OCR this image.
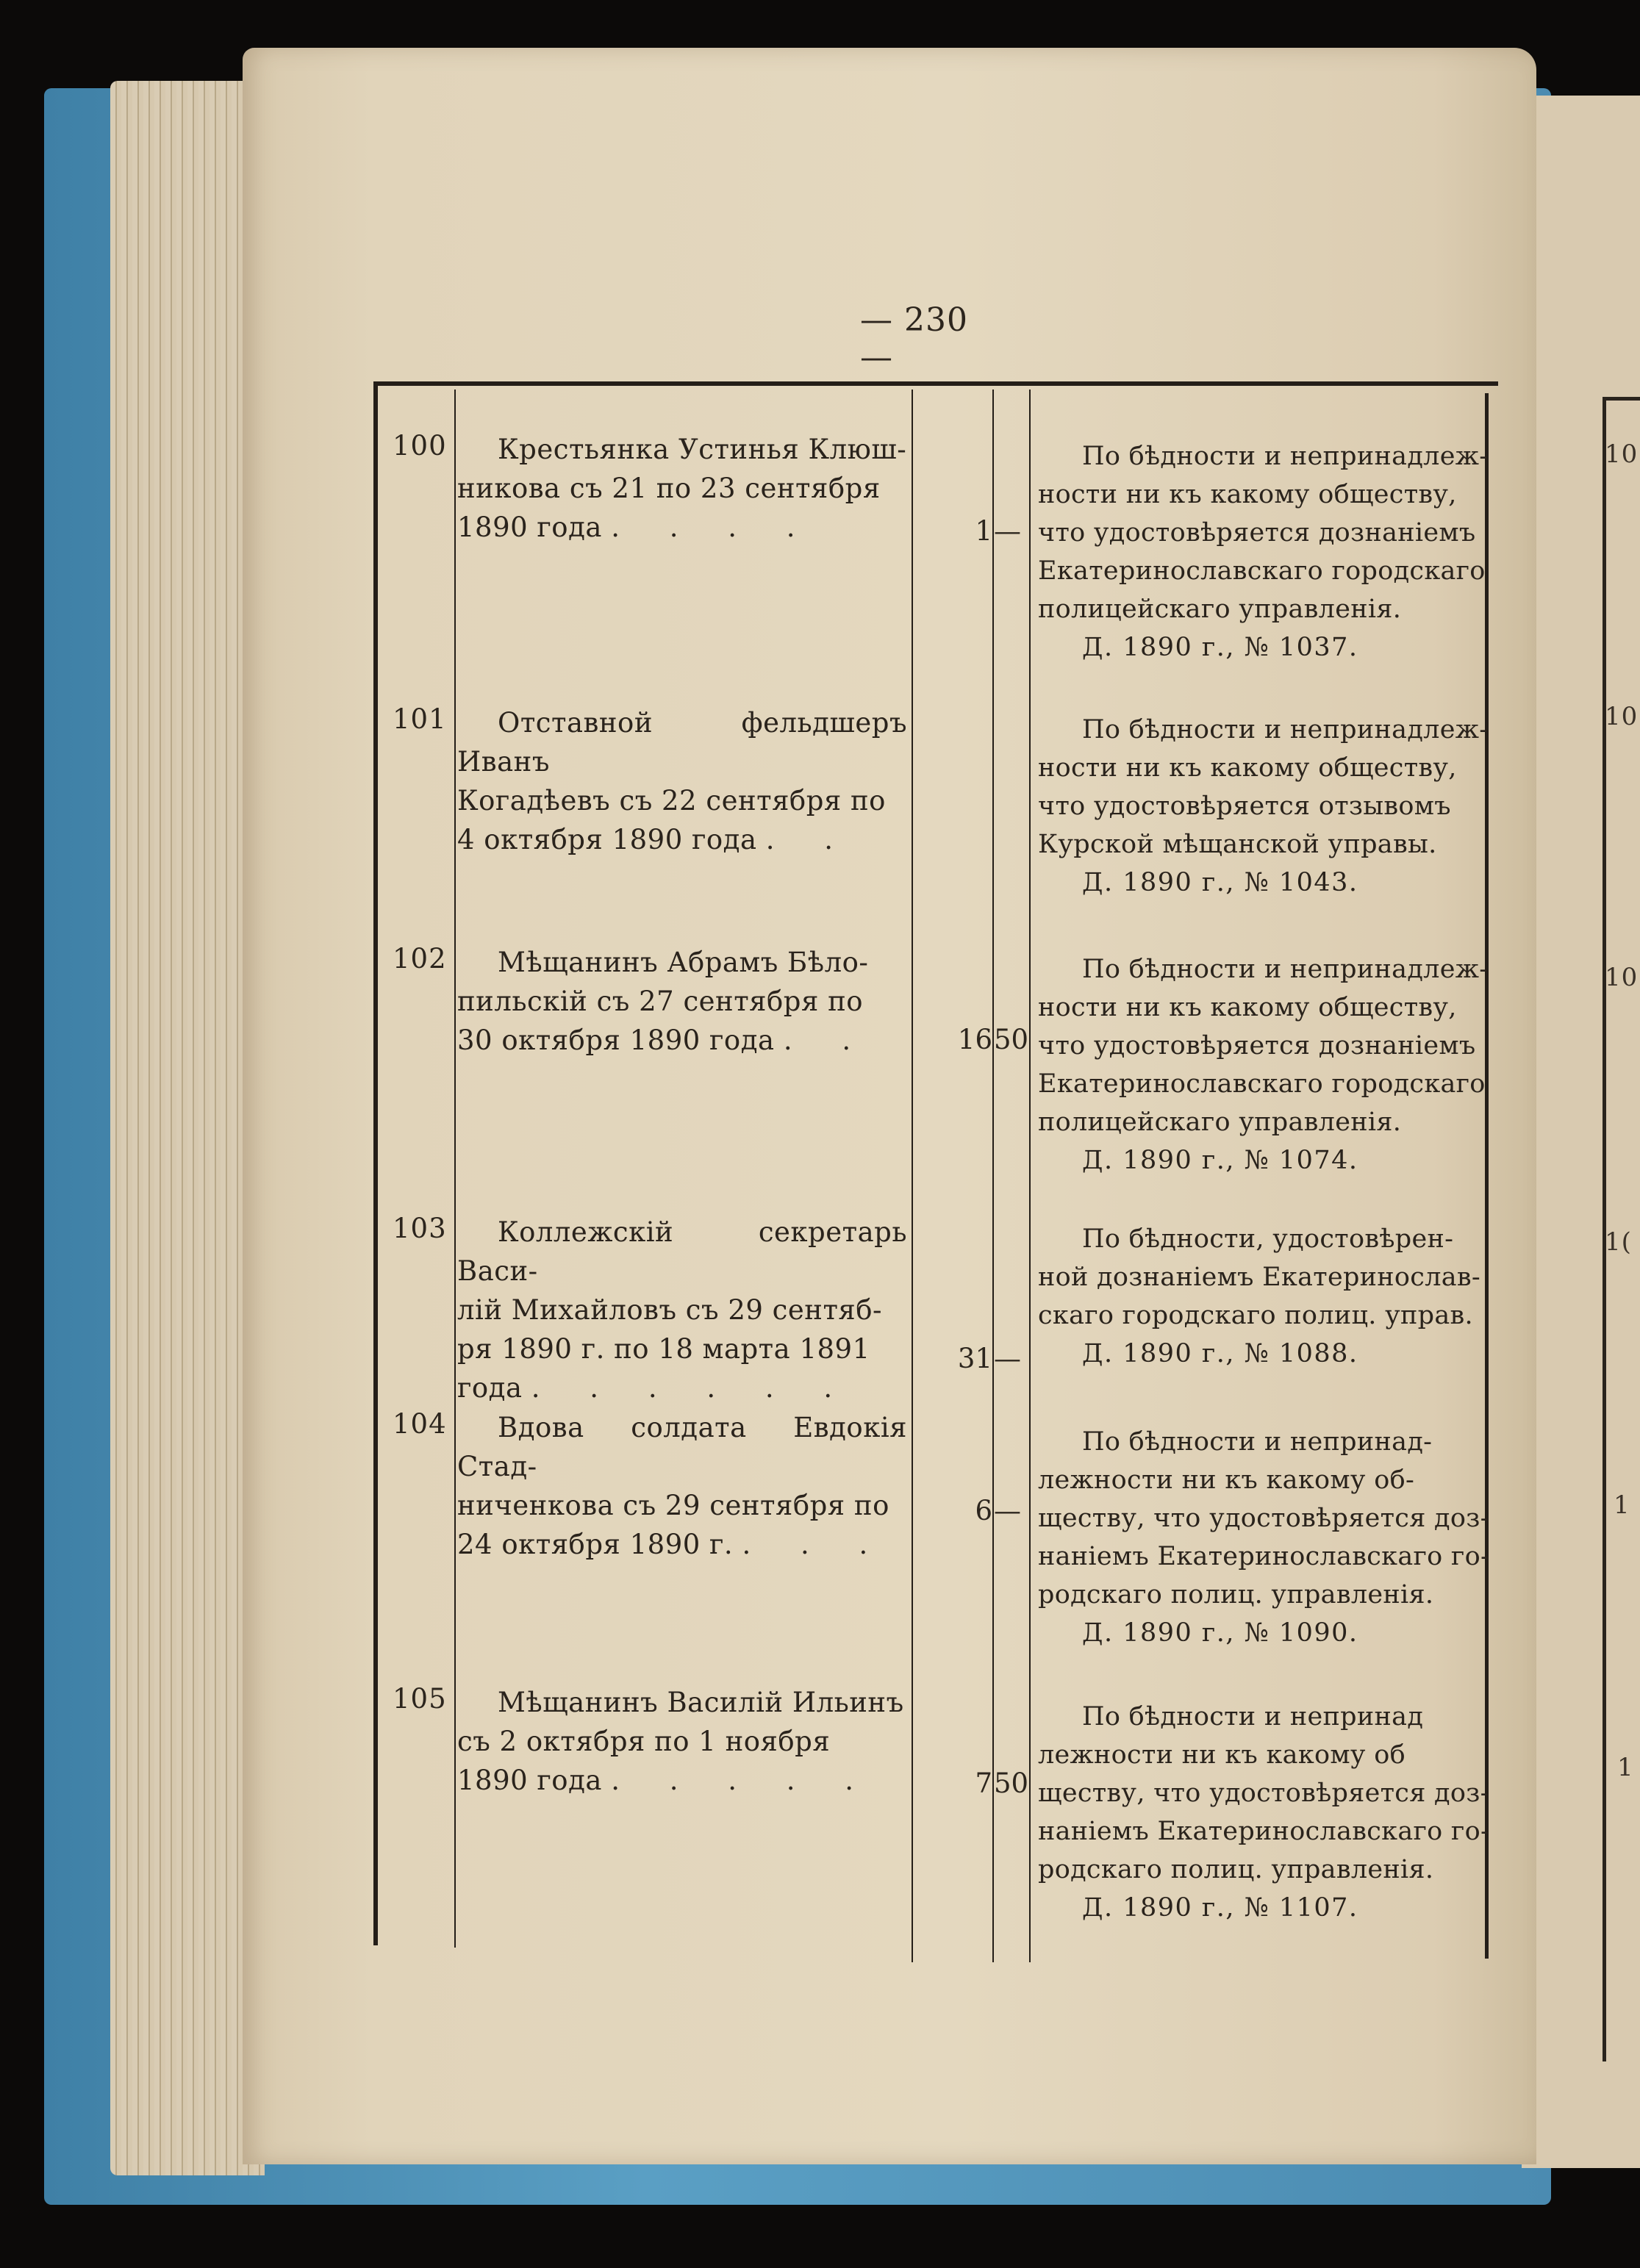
10
10
10
1(
1
1
— 230 —
100	Крестьянка Устинья Клюш-
никова съ 21 по 23 сентября
1890 года . . . .	1 —

По бѣдности и непринадлеж-

ности ни къ какому обществу,

что удостовѣряется дознаніемъ

Екатеринославскаго городскаго

полицейскаго управленія.

Д. 1890 г., № 1037.

101	Отставной фельдшеръ Иванъ
Когадѣевъ съ 22 сентября по
4 октября 1890 года . .

По бѣдности и непринадлеж-

ности ни къ какому обществу,

что удостовѣряется отзывомъ

Курской мѣщанской управы.

Д. 1890 г., № 1043.

102	Мѣщанинъ Абрамъ Бѣло-
пильскій съ 27 сентября по
30 октября 1890 года . .	16 50

По бѣдности и непринадлеж-

ности ни къ какому обществу,

что удостовѣряется дознаніемъ

Екатеринославскаго городскаго

полицейскаго управленія.

Д. 1890 г., № 1074.

103	Коллежскій секретарь Васи-
лій Михайловъ съ 29 сентяб-
ря 1890 г. по 18 марта 1891
года . . . . . .
31 —

По бѣдности, удостовѣрен-

ной дознаніемъ Екатеринослав-

скаго городскаго полиц. управ.

Д. 1890 г., № 1088.

104	Вдова солдата Евдокія Стад-
ниченкова съ 29 сентября по
24 октября 1890 г. . . .
6 —

По бѣдности и непринад-

лежности ни къ какому об-

ществу, что удостовѣряется доз-

наніемъ Екатеринославскаго го-

родскаго полиц. управленія.

Д. 1890 г., № 1090.

105	Мѣщанинъ Василій Ильинъ
съ 2 октября по 1 ноября
1890 года . . . . .	7 50

По бѣдности и непринад

лежности ни къ какому об

ществу, что удостовѣряется доз-

наніемъ Екатеринославскаго го-

родскаго полиц. управленія.

Д. 1890 г., № 1107.
